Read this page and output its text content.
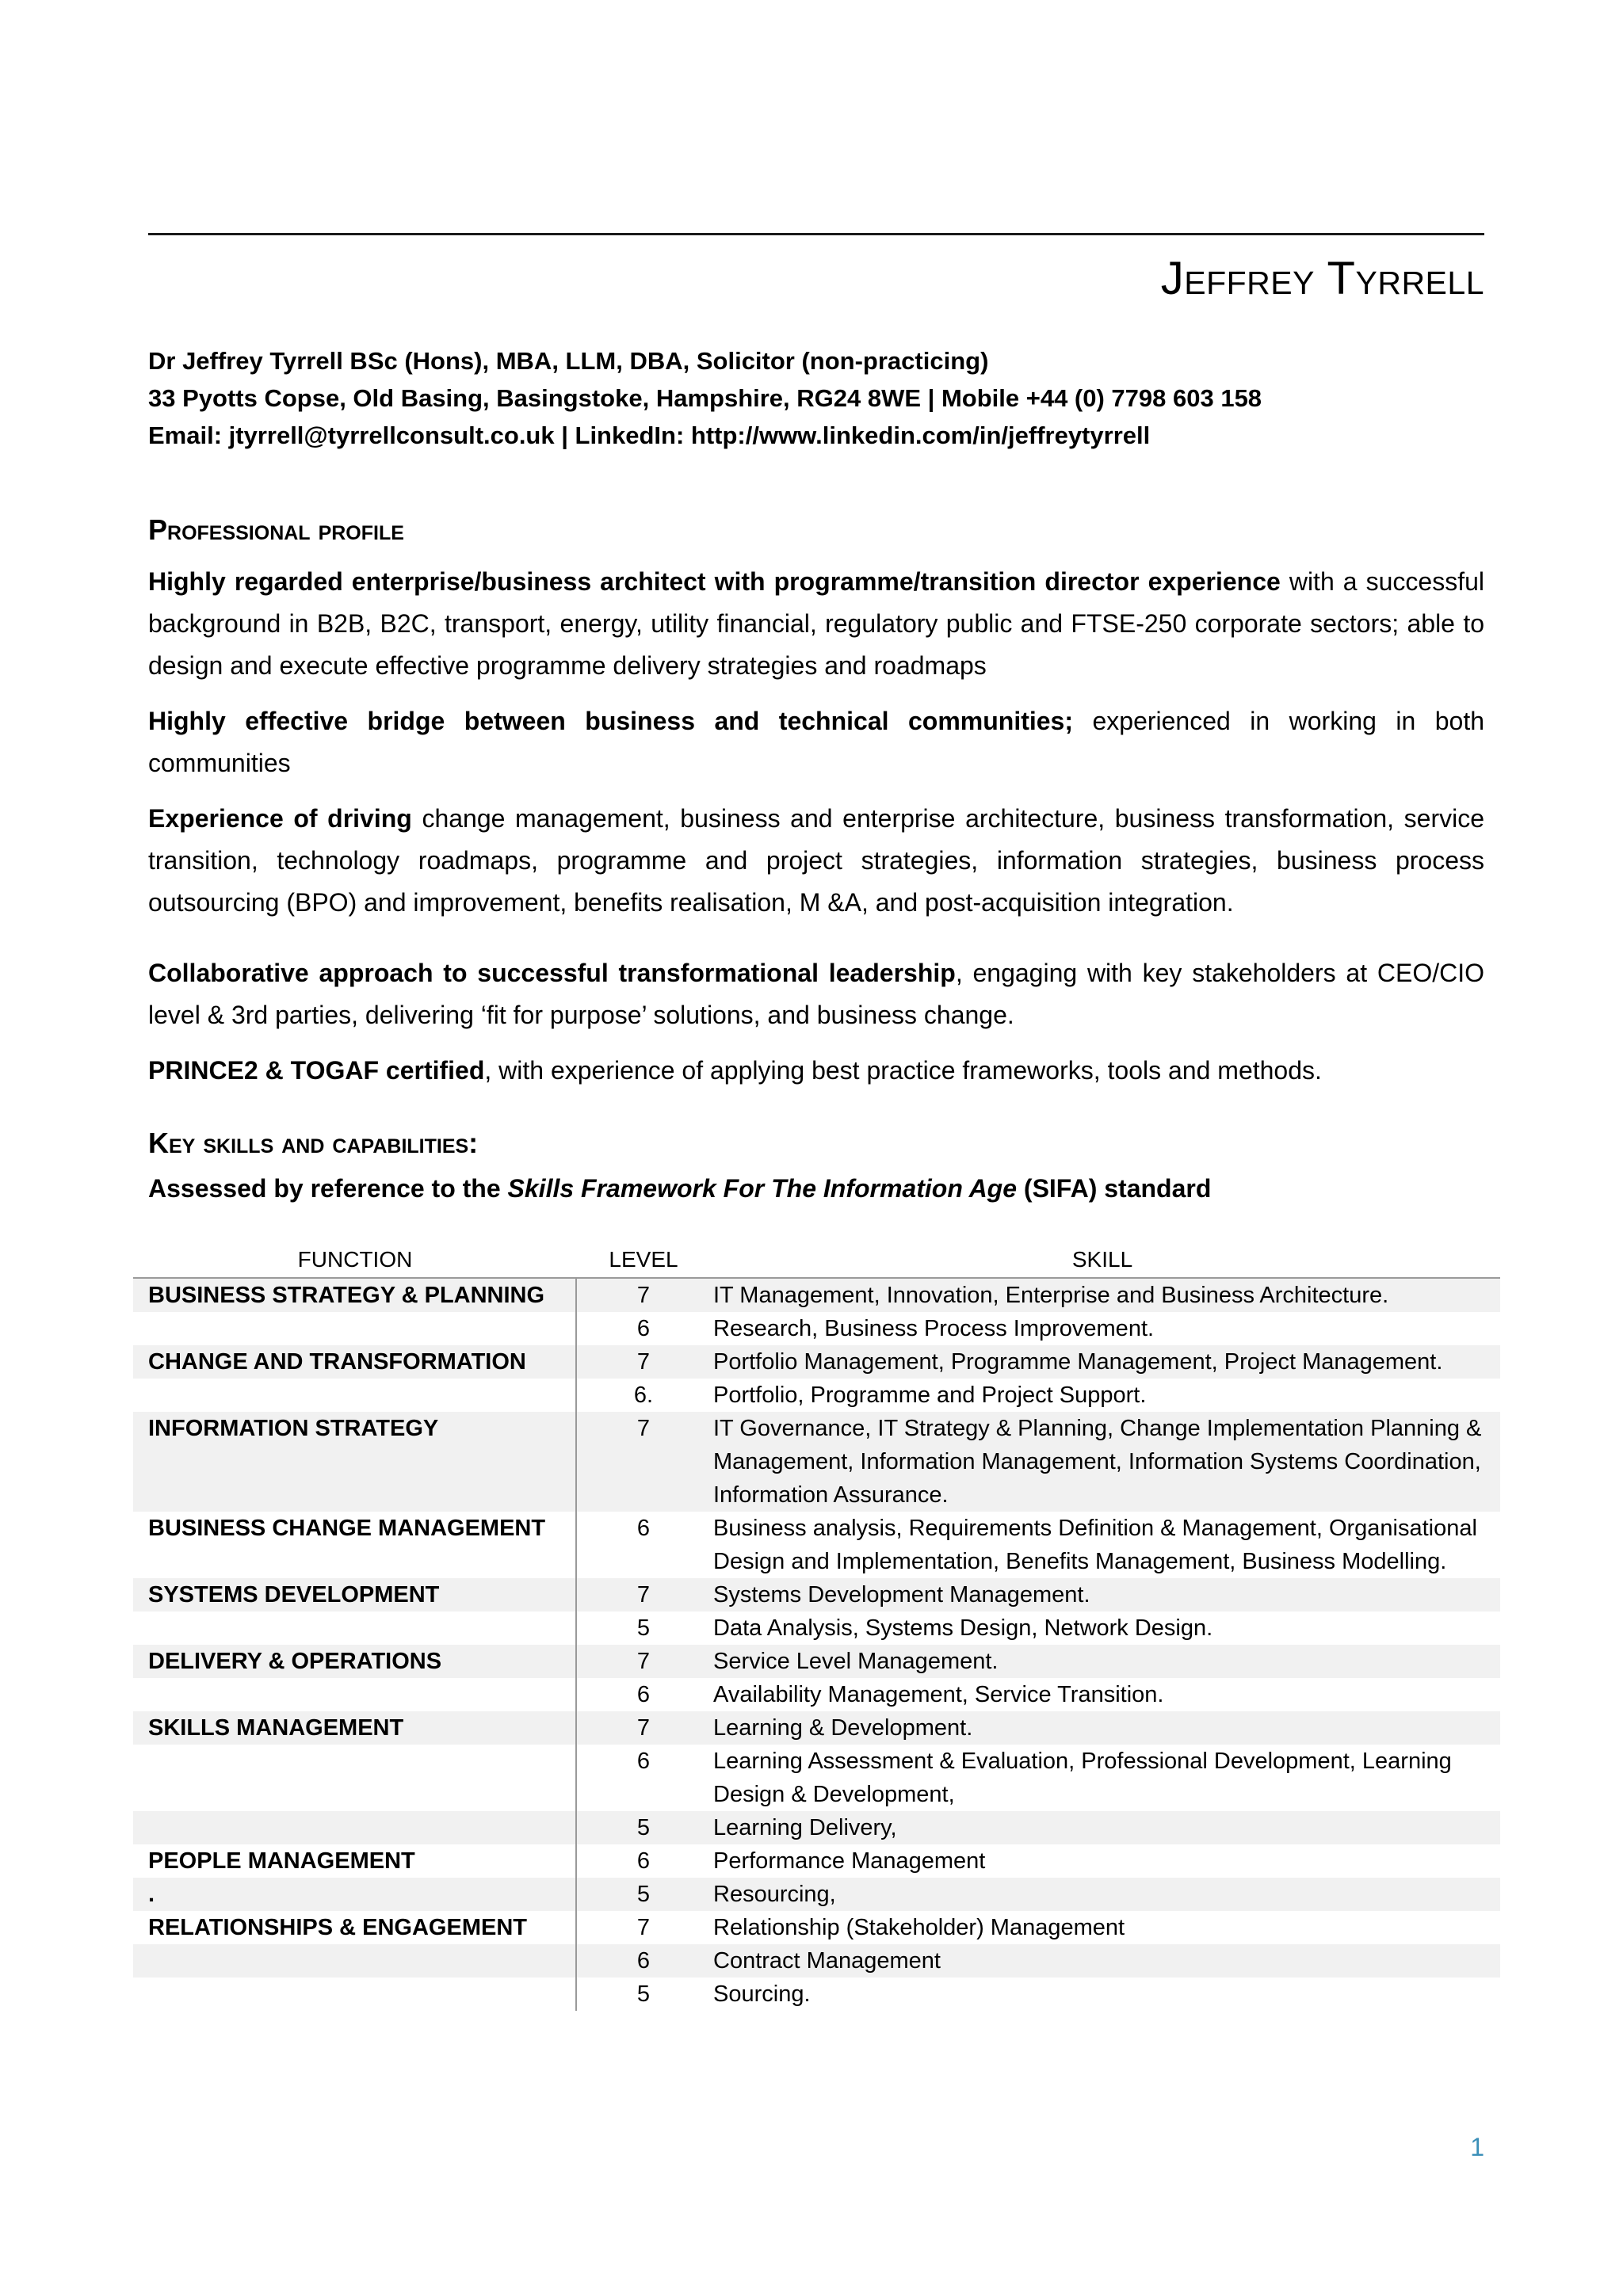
Jeffrey Tyrrell
Dr Jeffrey Tyrrell BSc (Hons), MBA, LLM, DBA, Solicitor (non-practicing)
33 Pyotts Copse, Old Basing, Basingstoke, Hampshire, RG24 8WE | Mobile +44 (0) 7798 603 158
Email: jtyrrell@tyrrellconsult.co.uk | LinkedIn: http://www.linkedin.com/in/jeffreytyrrell
Professional profile

Highly regarded enterprise/business architect with programme/transition director experience with a successful background in B2B, B2C, transport, energy, utility financial, regulatory public and FTSE-250 corporate sectors; able to design and execute effective programme delivery strategies and roadmaps

Highly effective bridge between business and technical communities; experienced in working in both communities

Experience of driving change management, business and enterprise architecture, business transformation, service transition, technology roadmaps, programme and project strategies, information strategies, business process outsourcing (BPO) and improvement, benefits realisation, M &A, and post-acquisition integration.

Collaborative approach to successful transformational leadership, engaging with key stakeholders at CEO/CIO level & 3rd parties, delivering ‘fit for purpose’ solutions, and business change.

PRINCE2 & TOGAF certified, with experience of applying best practice frameworks, tools and methods.

Key skills and capabilities:
Assessed by reference to the Skills Framework For The Information Age (SIFA) standard
FUNCTION	LEVEL	SKILL
BUSINESS STRATEGY & PLANNING	7	IT Management, Innovation, Enterprise and Business Architecture.
6	Research, Business Process Improvement.
CHANGE AND TRANSFORMATION	7	Portfolio Management, Programme Management, Project Management.
6.	Portfolio, Programme and Project Support.
INFORMATION STRATEGY	7	IT Governance, IT Strategy & Planning, Change Implementation Planning & Management, Information Management, Information Systems Coordination, Information Assurance.
BUSINESS CHANGE MANAGEMENT	6	Business analysis, Requirements Definition & Management, Organisational Design and Implementation, Benefits Management, Business Modelling.
SYSTEMS DEVELOPMENT	7	Systems Development Management.
5	Data Analysis, Systems Design, Network Design.
DELIVERY & OPERATIONS	7	Service Level Management.
6	Availability Management, Service Transition.
SKILLS MANAGEMENT	7	Learning & Development.
6	Learning Assessment & Evaluation, Professional Development, Learning Design & Development,
5	Learning Delivery,
PEOPLE MANAGEMENT	6	Performance Management
.	5	Resourcing,
RELATIONSHIPS & ENGAGEMENT	7	Relationship (Stakeholder) Management
6	Contract Management
5	Sourcing.
1
